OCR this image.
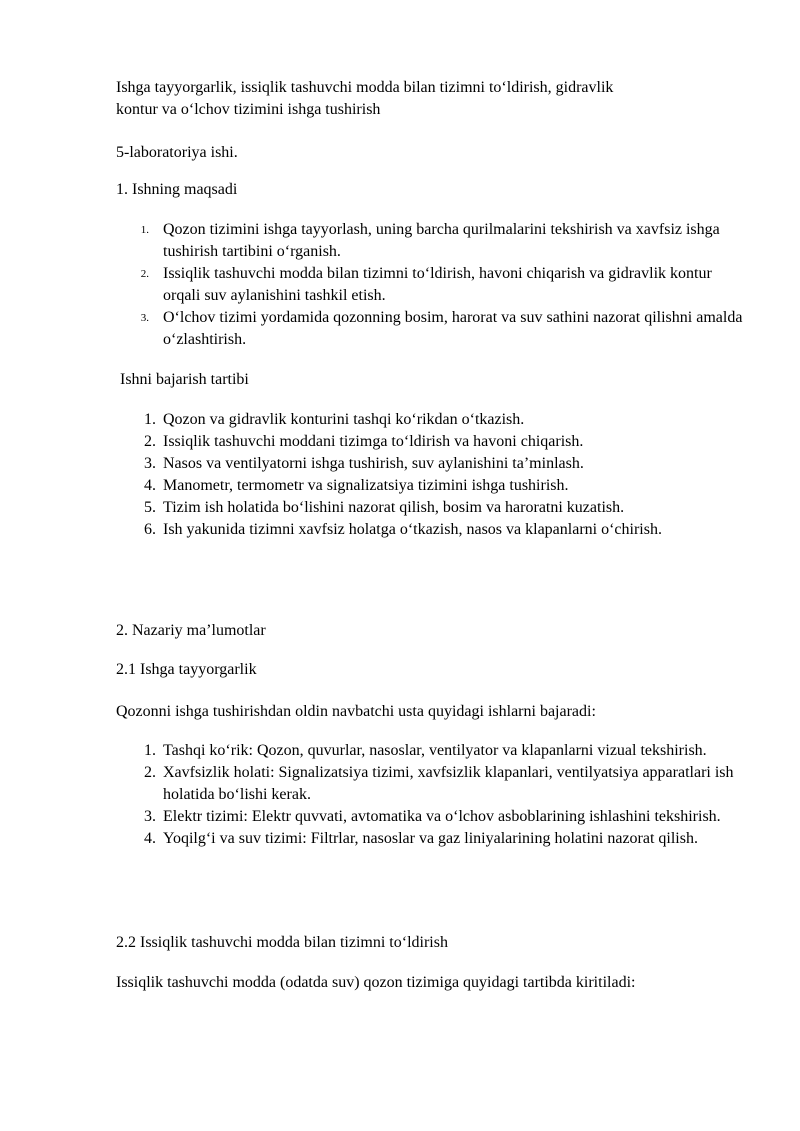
Ishga tayyorgarlik, issiqlik tashuvchi modda bilan tizimni to‘ldirish, gidravlik
kontur va o‘lchov tizimini ishga tushirish

5-laboratoriya ishi.

1. Ishning maqsadi

1. Qozon tizimini ishga tayyorlash, uning barcha qurilmalarini tekshirish va xavfsiz ishga tushirish tartibini o‘rganish.
2. Issiqlik tashuvchi modda bilan tizimni to‘ldirish, havoni chiqarish va gidravlik kontur orqali suv aylanishini tashkil etish.
3. O‘lchov tizimi yordamida qozonning bosim, harorat va suv sathini nazorat qilishni amalda o‘zlashtirish.

Ishni bajarish tartibi

1. Qozon va gidravlik konturini tashqi ko‘rikdan o‘tkazish.
2. Issiqlik tashuvchi moddani tizimga to‘ldirish va havoni chiqarish.
3. Nasos va ventilyatorni ishga tushirish, suv aylanishini ta’minlash.
4. Manometr, termometr va signalizatsiya tizimini ishga tushirish.
5. Tizim ish holatida bo‘lishini nazorat qilish, bosim va haroratni kuzatish.
6. Ish yakunida tizimni xavfsiz holatga o‘tkazish, nasos va klapanlarni o‘chirish.

2. Nazariy ma’lumotlar

2.1 Ishga tayyorgarlik

Qozonni ishga tushirishdan oldin navbatchi usta quyidagi ishlarni bajaradi:

1. Tashqi ko‘rik: Qozon, quvurlar, nasoslar, ventilyator va klapanlarni vizual tekshirish.
2. Xavfsizlik holati: Signalizatsiya tizimi, xavfsizlik klapanlari, ventilyatsiya apparatlari ish holatida bo‘lishi kerak.
3. Elektr tizimi: Elektr quvvati, avtomatika va o‘lchov asboblarining ishlashini tekshirish.
4. Yoqilg‘i va suv tizimi: Filtrlar, nasoslar va gaz liniyalarining holatini nazorat qilish.

2.2 Issiqlik tashuvchi modda bilan tizimni to‘ldirish

Issiqlik tashuvchi modda (odatda suv) qozon tizimiga quyidagi tartibda kiritiladi:
